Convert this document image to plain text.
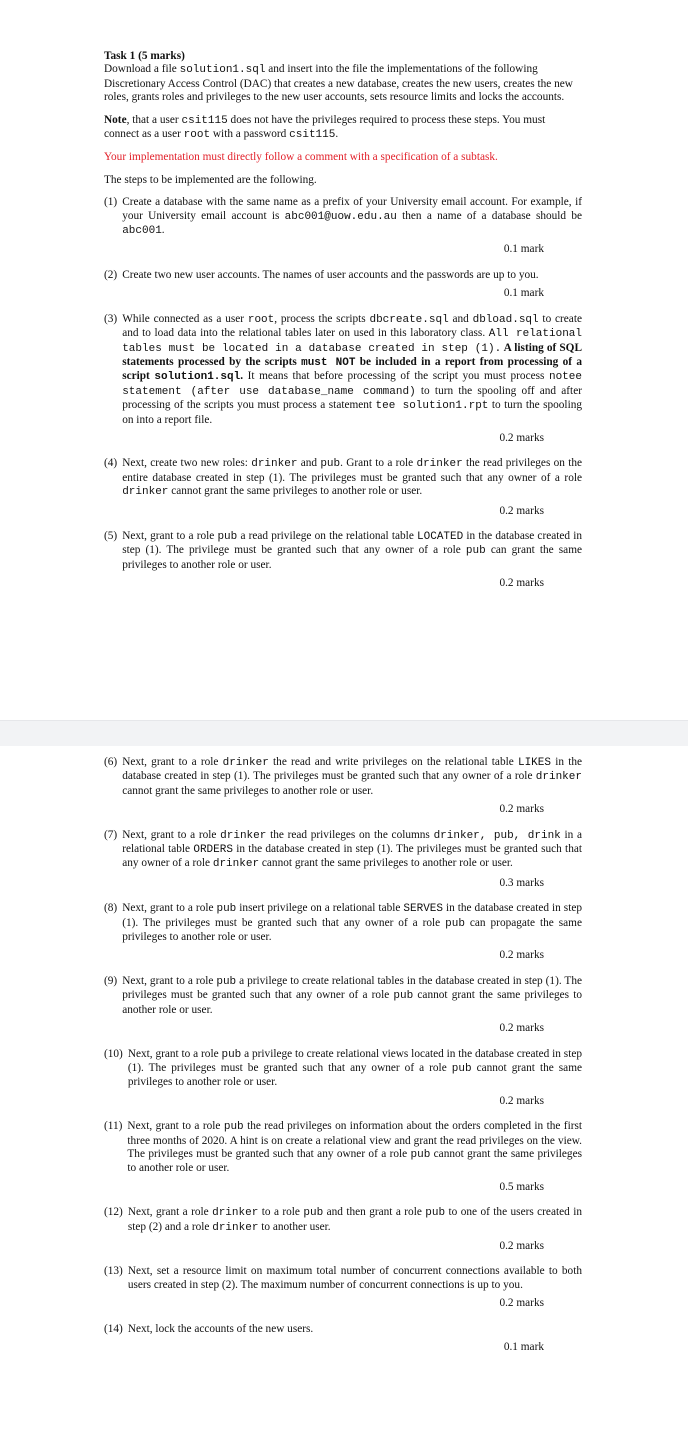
Task 1 (5 marks)

Download a file solution1.sql and insert into the file the implementations of the following Discretionary Access Control (DAC) that creates a new database, creates the new users, creates the new roles, grants roles and privileges to the new user accounts, sets resource limits and locks the accounts.

Note, that a user csit115 does not have the privileges required to process these steps. You must connect as a user root with a password csit115.

Your implementation must directly follow a comment with a specification of a subtask.

The steps to be implemented are the following.

(1) Create a database with the same name as a prefix of your University email account. For example, if your University email account is abc001@uow.edu.au then a name of a database should be abc001.

0.1 mark

(2) Create two new user accounts. The names of user accounts and the passwords are up to you.

0.1 mark

(3) While connected as a user root, process the scripts dbcreate.sql and dbload.sql to create and to load data into the relational tables later on used in this laboratory class. All relational tables must be located in a database created in step (1). A listing of SQL statements processed by the scripts must NOT be included in a report from processing of a script solution1.sql. It means that before processing of the script you must process notee statement (after use database_name command) to turn the spooling off and after processing of the scripts you must process a statement tee solution1.rpt to turn the spooling on into a report file.

0.2 marks

(4) Next, create two new roles: drinker and pub. Grant to a role drinker the read privileges on the entire database created in step (1). The privileges must be granted such that any owner of a role drinker cannot grant the same privileges to another role or user.

0.2 marks

(5) Next, grant to a role pub a read privilege on the relational table LOCATED in the database created in step (1). The privilege must be granted such that any owner of a role pub can grant the same privileges to another role or user.

0.2 marks

(6) Next, grant to a role drinker the read and write privileges on the relational table LIKES in the database created in step (1). The privileges must be granted such that any owner of a role drinker cannot grant the same privileges to another role or user.

0.2 marks

(7) Next, grant to a role drinker the read privileges on the columns drinker, pub, drink in a relational table ORDERS in the database created in step (1). The privileges must be granted such that any owner of a role drinker cannot grant the same privileges to another role or user.

0.3 marks

(8) Next, grant to a role pub insert privilege on a relational table SERVES in the database created in step (1). The privileges must be granted such that any owner of a role pub can propagate the same privileges to another role or user.

0.2 marks

(9) Next, grant to a role pub a privilege to create relational tables in the database created in step (1). The privileges must be granted such that any owner of a role pub cannot grant the same privileges to another role or user.

0.2 marks

(10) Next, grant to a role pub a privilege to create relational views located in the database created in step (1). The privileges must be granted such that any owner of a role pub cannot grant the same privileges to another role or user.

0.2 marks

(11) Next, grant to a role pub the read privileges on information about the orders completed in the first three months of 2020. A hint is on create a relational view and grant the read privileges on the view. The privileges must be granted such that any owner of a role pub cannot grant the same privileges to another role or user.

0.5 marks

(12) Next, grant a role drinker to a role pub and then grant a role pub to one of the users created in step (2) and a role drinker to another user.

0.2 marks

(13) Next, set a resource limit on maximum total number of concurrent connections available to both users created in step (2). The maximum number of concurrent connections is up to you.

0.2 marks

(14) Next, lock the accounts of the new users.

0.1 mark
